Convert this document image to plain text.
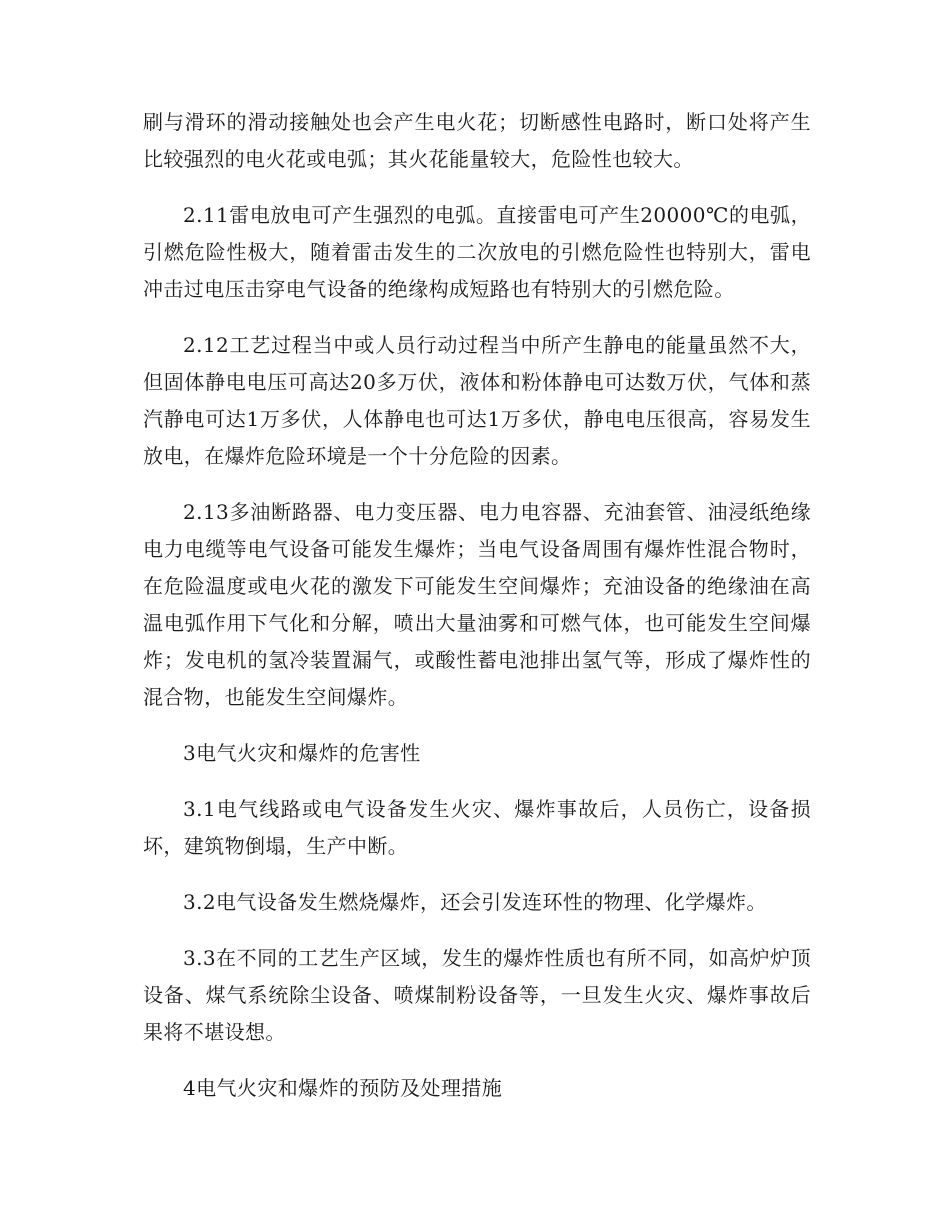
刷与滑环的滑动接触处也会产生电火花；切断感性电路时，断口处将产生比较强烈的电火花或电弧；其火花能量较大，危险性也较大。

2.11雷电放电可产生强烈的电弧。直接雷电可产生20000℃的电弧，引燃危险性极大，随着雷击发生的二次放电的引燃危险性也特别大，雷电冲击过电压击穿电气设备的绝缘构成短路也有特别大的引燃危险。

2.12工艺过程当中或人员行动过程当中所产生静电的能量虽然不大，但固体静电电压可高达20多万伏，液体和粉体静电可达数万伏，气体和蒸汽静电可达1万多伏，人体静电也可达1万多伏，静电电压很高，容易发生放电，在爆炸危险环境是一个十分危险的因素。

2.13多油断路器、电力变压器、电力电容器、充油套管、油浸纸绝缘电力电缆等电气设备可能发生爆炸；当电气设备周围有爆炸性混合物时，在危险温度或电火花的激发下可能发生空间爆炸；充油设备的绝缘油在高温电弧作用下气化和分解，喷出大量油雾和可燃气体，也可能发生空间爆炸；发电机的氢冷装置漏气，或酸性蓄电池排出氢气等，形成了爆炸性的混合物，也能发生空间爆炸。

3电气火灾和爆炸的危害性

3.1电气线路或电气设备发生火灾、爆炸事故后，人员伤亡，设备损坏，建筑物倒塌，生产中断。

3.2电气设备发生燃烧爆炸，还会引发连环性的物理、化学爆炸。

3.3在不同的工艺生产区域，发生的爆炸性质也有所不同，如高炉炉顶设备、煤气系统除尘设备、喷煤制粉设备等，一旦发生火灾、爆炸事故后果将不堪设想。

4电气火灾和爆炸的预防及处理措施
